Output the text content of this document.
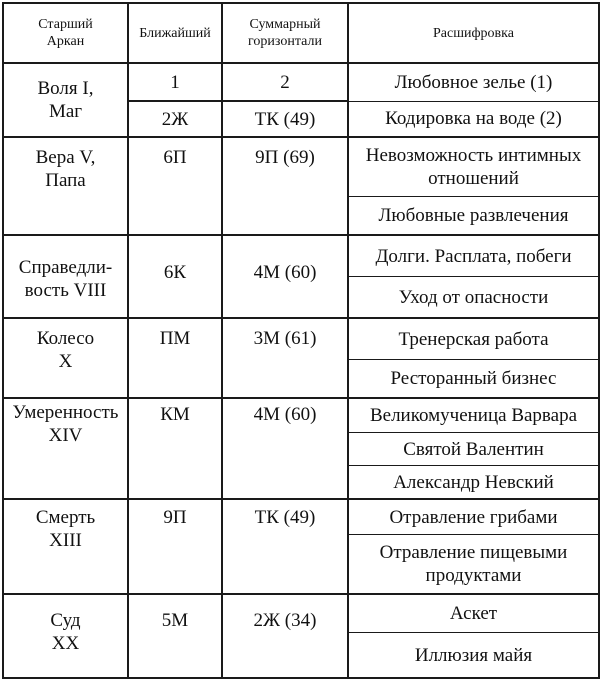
Старший Аркан	Ближайший	Суммарный горизонтали	Расшифровка
Воля I, Маг	1	2	Любовное зелье (1)
	2Ж	ТК (49)	Кодировка на воде (2)
Вера V, Папа	6П	9П (69)	Невозможность интимных отношений
			Любовные развлечения
Справедли-вость VIII	6К	4М (60)	Долги. Расплата, побеги
			Уход от опасности
Колесо X	ПМ	3М (61)	Тренерская работа
			Ресторанный бизнес
Умеренность XIV	КМ	4М (60)	Великомученица Варвара
			Святой Валентин
			Александр Невский
Смерть XIII	9П	ТК (49)	Отравление грибами
			Отравление пищевыми продуктами
Суд XX	5М	2Ж (34)	Аскет
			Иллюзия майя
